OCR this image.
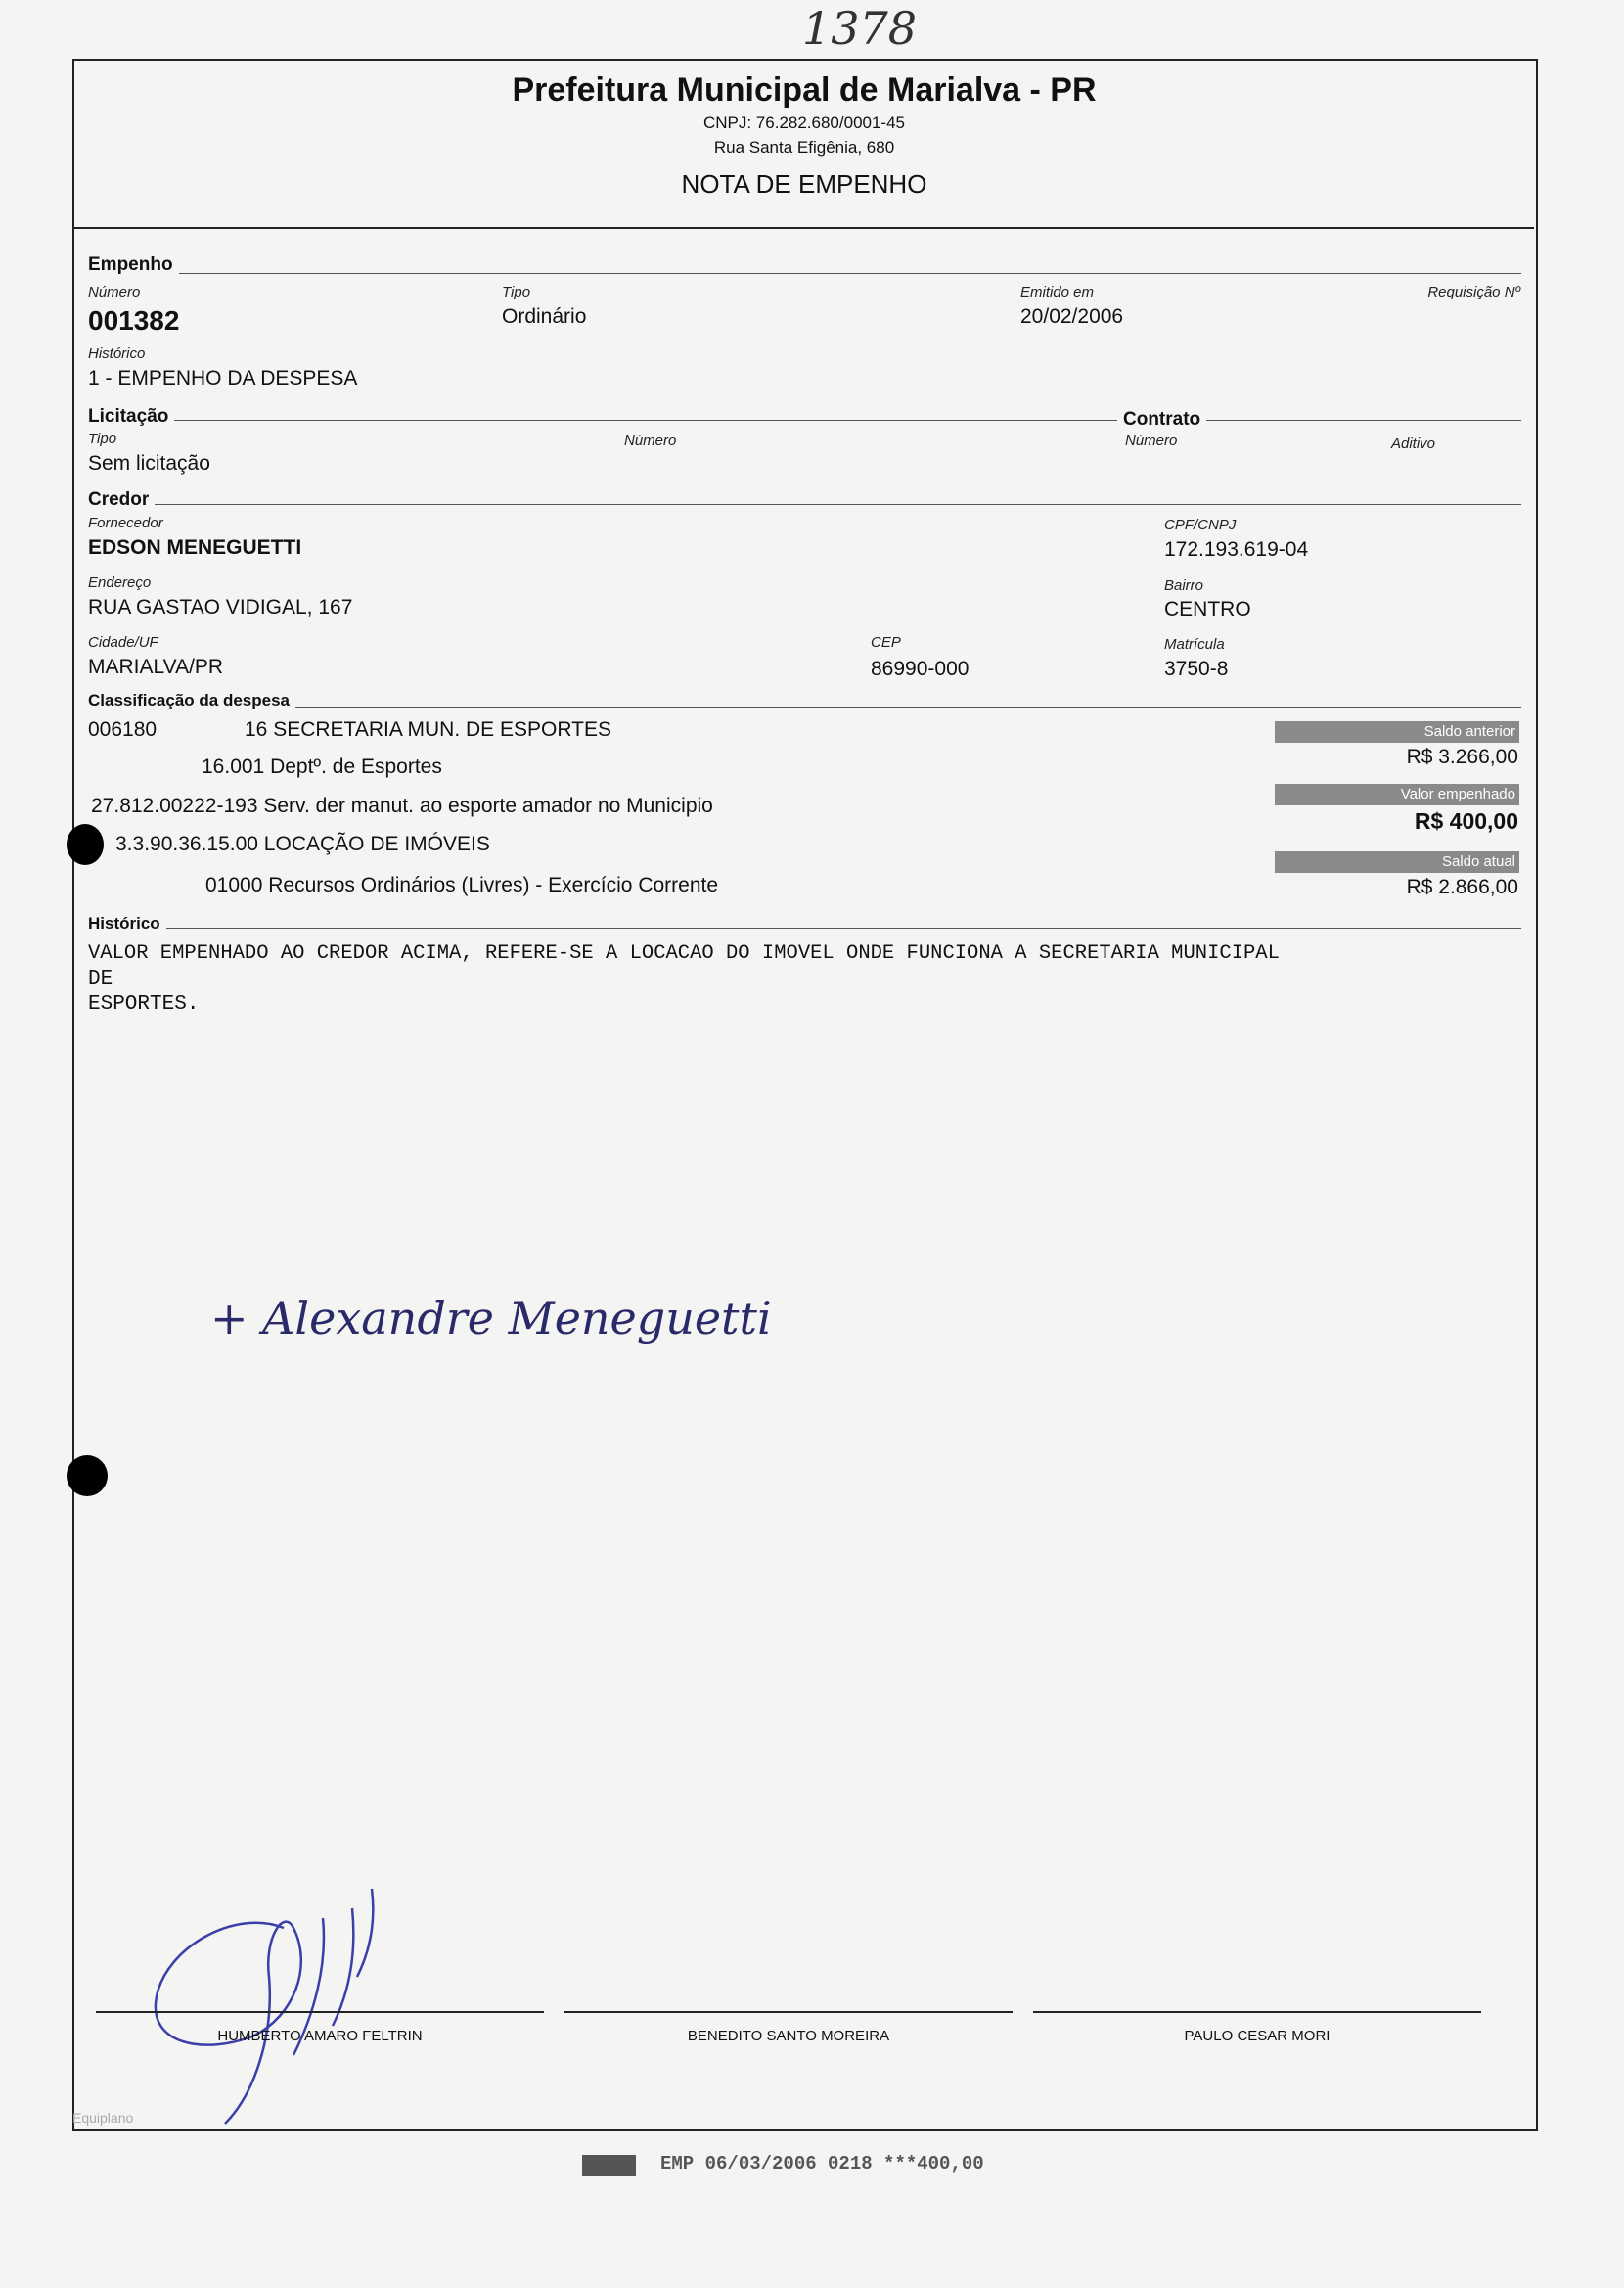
1378
Prefeitura Municipal de Marialva - PR
CNPJ: 76.282.680/0001-45
Rua Santa Efigênia, 680
NOTA DE EMPENHO
Empenho
Número
001382
Tipo
Ordinário
Emitido em
20/02/2006
Requisição Nº
Histórico
1 - EMPENHO DA DESPESA
Licitação	Contrato
Tipo
Sem licitação
Número	Número	Aditivo
Credor
Fornecedor
EDSON MENEGUETTI
CPF/CNPJ
172.193.619-04
Endereço
RUA GASTAO VIDIGAL, 167
Bairro
CENTRO
Cidade/UF
MARIALVA/PR
CEP
86990-000
Matrícula
3750-8
Classificação da despesa
006180	16 SECRETARIA MUN. DE ESPORTES
16.001 Deptº. de Esportes
27.812.00222-193 Serv. der manut. ao esporte amador no Municipio
3.3.90.36.15.00 LOCAÇÃO DE IMÓVEIS
01000 Recursos Ordinários (Livres) - Exercício Corrente
Saldo anterior
R$ 3.266,00
Valor empenhado
R$ 400,00
Saldo atual
R$ 2.866,00
Histórico
VALOR EMPENHADO AO CREDOR ACIMA, REFERE-SE A LOCACAO DO IMOVEL ONDE FUNCIONA A SECRETARIA MUNICIPAL
DE
ESPORTES.
+ Alexandre Meneguetti
HUMBERTO AMARO FELTRIN	BENEDITO SANTO MOREIRA	PAULO CESAR MORI
Equiplano
EMP 06/03/2006 0218 ***400,00
